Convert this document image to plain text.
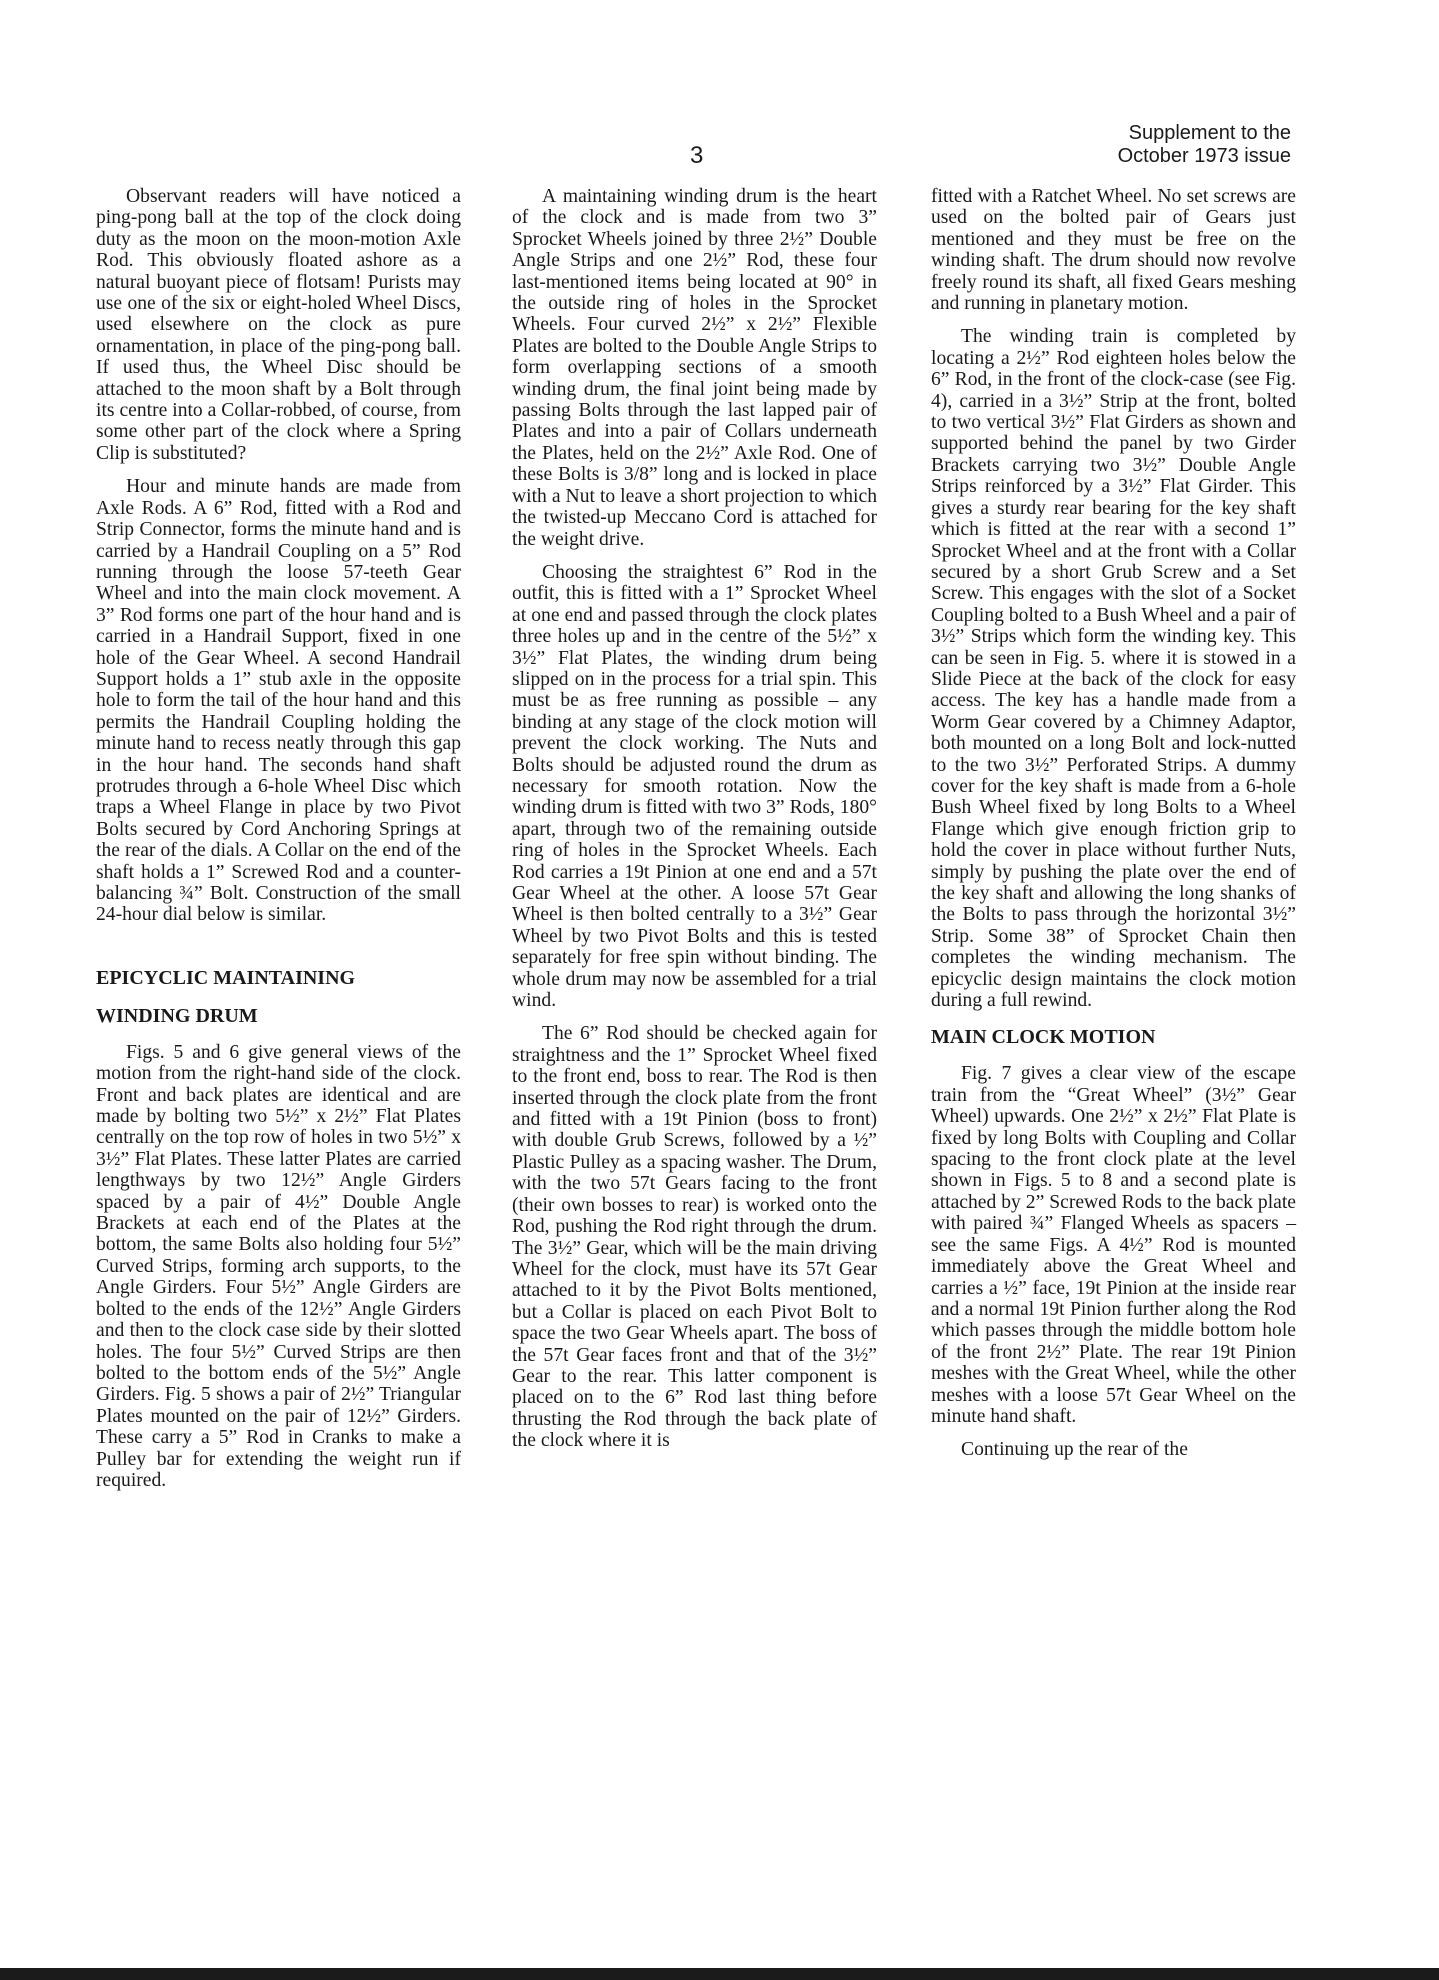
3
Supplement to the
October 1973 issue

Observant readers will have noticed a ping-pong ball at the top of the clock doing duty as the moon on the moon-motion Axle Rod. This obviously floated ashore as a natural buoyant piece of flotsam! Purists may use one of the six or eight-holed Wheel Discs, used elsewhere on the clock as pure ornamentation, in place of the ping-pong ball. If used thus, the Wheel Disc should be attached to the moon shaft by a Bolt through its centre into a Collar-robbed, of course, from some other part of the clock where a Spring Clip is substituted?

Hour and minute hands are made from Axle Rods. A 6” Rod, fitted with a Rod and Strip Connector, forms the minute hand and is carried by a Handrail Coupling on a 5” Rod running through the loose 57-teeth Gear Wheel and into the main clock movement. A 3” Rod forms one part of the hour hand and is carried in a Handrail Support, fixed in one hole of the Gear Wheel. A second Handrail Support holds a 1” stub axle in the opposite hole to form the tail of the hour hand and this permits the Handrail Coupling holding the minute hand to recess neatly through this gap in the hour hand. The seconds hand shaft protrudes through a 6-hole Wheel Disc which traps a Wheel Flange in place by two Pivot Bolts secured by Cord Anchoring Springs at the rear of the dials. A Collar on the end of the shaft holds a 1” Screwed Rod and a counter-balancing ¾” Bolt. Construction of the small 24-hour dial below is similar.

EPICYCLIC MAINTAINING
WINDING DRUM

Figs. 5 and 6 give general views of the motion from the right-hand side of the clock. Front and back plates are identical and are made by bolting two 5½” x 2½” Flat Plates centrally on the top row of holes in two 5½” x 3½” Flat Plates. These latter Plates are carried lengthways by two 12½” Angle Girders spaced by a pair of 4½” Double Angle Brackets at each end of the Plates at the bottom, the same Bolts also holding four 5½” Curved Strips, forming arch supports, to the Angle Girders. Four 5½” Angle Girders are bolted to the ends of the 12½” Angle Girders and then to the clock case side by their slotted holes. The four 5½” Curved Strips are then bolted to the bottom ends of the 5½” Angle Girders. Fig. 5 shows a pair of 2½” Triangular Plates mounted on the pair of 12½” Girders. These carry a 5” Rod in Cranks to make a Pulley bar for extending the weight run if required.

A maintaining winding drum is the heart of the clock and is made from two 3” Sprocket Wheels joined by three 2½” Double Angle Strips and one 2½” Rod, these four last-mentioned items being located at 90° in the outside ring of holes in the Sprocket Wheels. Four curved 2½” x 2½” Flexible Plates are bolted to the Double Angle Strips to form overlapping sections of a smooth winding drum, the final joint being made by passing Bolts through the last lapped pair of Plates and into a pair of Collars underneath the Plates, held on the 2½” Axle Rod. One of these Bolts is 3/8” long and is locked in place with a Nut to leave a short projection to which the twisted-up Meccano Cord is attached for the weight drive.

Choosing the straightest 6” Rod in the outfit, this is fitted with a 1” Sprocket Wheel at one end and passed through the clock plates three holes up and in the centre of the 5½” x 3½” Flat Plates, the winding drum being slipped on in the process for a trial spin. This must be as free running as possible – any binding at any stage of the clock motion will prevent the clock working. The Nuts and Bolts should be adjusted round the drum as necessary for smooth rotation. Now the winding drum is fitted with two 3” Rods, 180° apart, through two of the remaining outside ring of holes in the Sprocket Wheels. Each Rod carries a 19t Pinion at one end and a 57t Gear Wheel at the other. A loose 57t Gear Wheel is then bolted centrally to a 3½” Gear Wheel by two Pivot Bolts and this is tested separately for free spin without binding. The whole drum may now be assembled for a trial wind.

The 6” Rod should be checked again for straightness and the 1” Sprocket Wheel fixed to the front end, boss to rear. The Rod is then inserted through the clock plate from the front and fitted with a 19t Pinion (boss to front) with double Grub Screws, followed by a ½” Plastic Pulley as a spacing washer. The Drum, with the two 57t Gears facing to the front (their own bosses to rear) is worked onto the Rod, pushing the Rod right through the drum. The 3½” Gear, which will be the main driving Wheel for the clock, must have its 57t Gear attached to it by the Pivot Bolts mentioned, but a Collar is placed on each Pivot Bolt to space the two Gear Wheels apart. The boss of the 57t Gear faces front and that of the 3½” Gear to the rear. This latter component is placed on to the 6” Rod last thing before thrusting the Rod through the back plate of the clock where it is

fitted with a Ratchet Wheel. No set screws are used on the bolted pair of Gears just mentioned and they must be free on the winding shaft. The drum should now revolve freely round its shaft, all fixed Gears meshing and running in planetary motion.

The winding train is completed by locating a 2½” Rod eighteen holes below the 6” Rod, in the front of the clock-case (see Fig. 4), carried in a 3½” Strip at the front, bolted to two vertical 3½” Flat Girders as shown and supported behind the panel by two Girder Brackets carrying two 3½” Double Angle Strips reinforced by a 3½” Flat Girder. This gives a sturdy rear bearing for the key shaft which is fitted at the rear with a second 1” Sprocket Wheel and at the front with a Collar secured by a short Grub Screw and a Set Screw. This engages with the slot of a Socket Coupling bolted to a Bush Wheel and a pair of 3½” Strips which form the winding key. This can be seen in Fig. 5. where it is stowed in a Slide Piece at the back of the clock for easy access. The key has a handle made from a Worm Gear covered by a Chimney Adaptor, both mounted on a long Bolt and lock-nutted to the two 3½” Perforated Strips. A dummy cover for the key shaft is made from a 6-hole Bush Wheel fixed by long Bolts to a Wheel Flange which give enough friction grip to hold the cover in place without further Nuts, simply by pushing the plate over the end of the key shaft and allowing the long shanks of the Bolts to pass through the horizontal 3½” Strip. Some 38” of Sprocket Chain then completes the winding mechanism. The epicyclic design maintains the clock motion during a full rewind.

MAIN CLOCK MOTION

Fig. 7 gives a clear view of the escape train from the “Great Wheel” (3½” Gear Wheel) upwards. One 2½” x 2½” Flat Plate is fixed by long Bolts with Coupling and Collar spacing to the front clock plate at the level shown in Figs. 5 to 8 and a second plate is attached by 2” Screwed Rods to the back plate with paired ¾” Flanged Wheels as spacers – see the same Figs. A 4½” Rod is mounted immediately above the Great Wheel and carries a ½” face, 19t Pinion at the inside rear and a normal 19t Pinion further along the Rod which passes through the middle bottom hole of the front 2½” Plate. The rear 19t Pinion meshes with the Great Wheel, while the other meshes with a loose 57t Gear Wheel on the minute hand shaft.

Continuing up the rear of the
